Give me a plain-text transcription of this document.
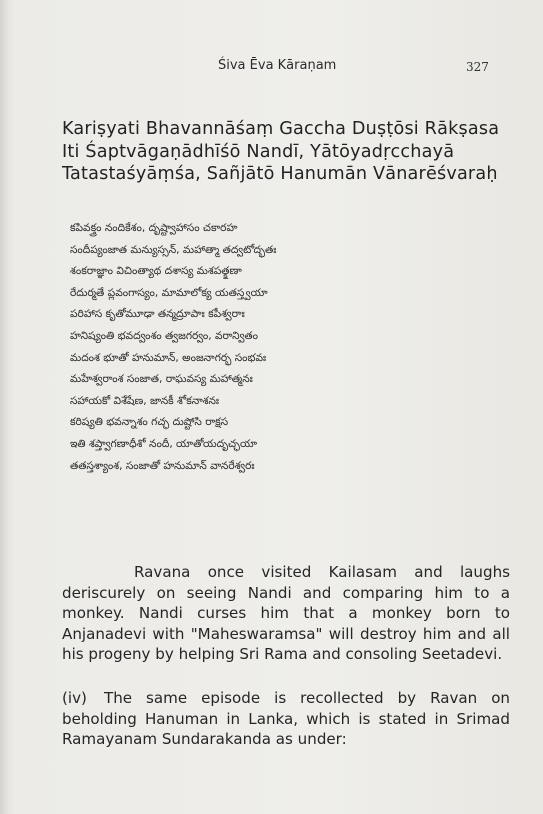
Śiva Ēva Kāraṇam	327
Kariṣyati Bhavannāśaṃ Gaccha Duṣṭōsi Rākṣasa
Iti Śaptvāgaṇādhīśō Nandī, Yātōyadṛcchayā
Tatastaśyāṃśa, Sañjātō Hanumān Vānarēśvaraḥ
కపివక్త్రం నందికేశం, దృష్ట్వాహాసం చకారహ
సందీప్యంజాత మన్యుస్సన్, మహాత్మా తద్వటోద్భతః
శంకరాజ్ఞాం విచింత్యాథ దశాస్య మశపత్క్షణా
రేదుర్మతే ప్లవంగాస్యం, మామాలోక్య యతస్త్వయా
పరిహాస కృతోమూఢా తన్మద్రూపాః కపీశ్వరాః
హనిష్యంతి భవద్వంశం త్వజగర్వం, వరాన్వితం
మదంశ భూతో హనుమాన్, అంజనాగర్భ సంభవః
మహేశ్వరాంశ సంజాత, రాఘవస్య మహాత్మనః
సహాయకో విశేషేణ, జానకీ శోకనాశనః
కరిష్యతి భవన్నాశం గచ్ఛ దుష్టోసి రాక్షస
ఇతి శప్త్వాగణాధీశో నందీ, యాతోయదృచ్ఛయా
తతస్తశ్యాంశ, సంజాతో హనుమాన్ వానరేశ్వరః

Ravana once visited Kailasam and laughs deriscurely on seeing Nandi and comparing him to a monkey. Nandi curses him that a monkey born to Anjanadevi with "Maheswaramsa" will destroy him and all his progeny by helping Sri Rama and consoling Seetadevi.

(iv) The same episode is recollected by Ravan on beholding Hanuman in Lanka, which is stated in Srimad Ramayanam Sundarakanda as under:
